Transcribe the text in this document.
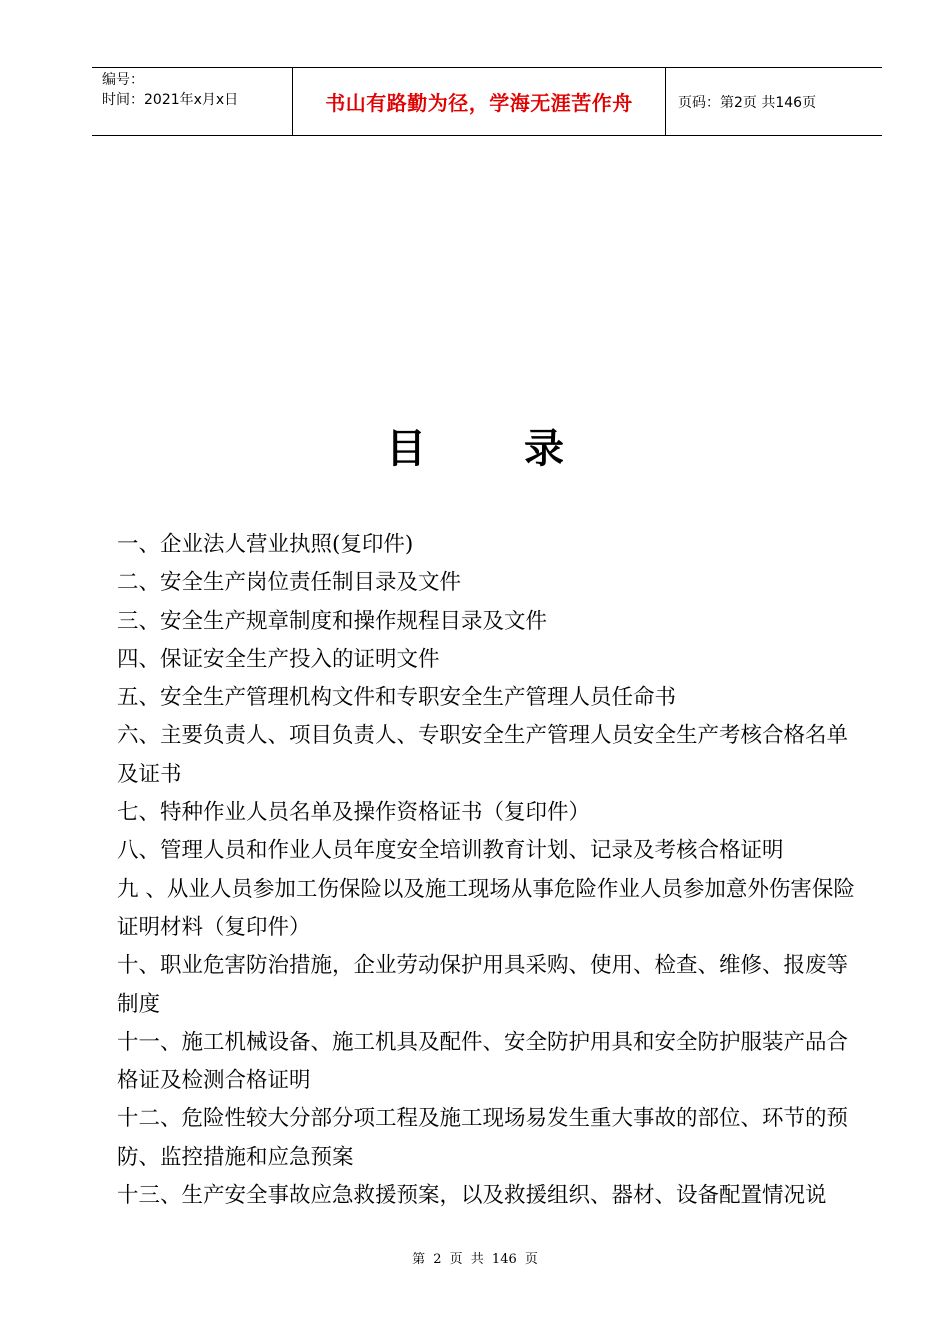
编号：
时间：2021年x月x日	书山有路勤为径，学海无涯苦作舟	页码：第2页 共146页
目录

一、企业法人营业执照(复印件)

二、安全生产岗位责任制目录及文件

三、安全生产规章制度和操作规程目录及文件

四、保证安全生产投入的证明文件

五、安全生产管理机构文件和专职安全生产管理人员任命书

六、主要负责人、项目负责人、专职安全生产管理人员安全生产考核合格名单及证书

七、特种作业人员名单及操作资格证书（复印件）

八、管理人员和作业人员年度安全培训教育计划、记录及考核合格证明

九 、从业人员参加工伤保险以及施工现场从事危险作业人员参加意外伤害保险证明材料（复印件）

十、职业危害防治措施，企业劳动保护用具采购、使用、检查、维修、报废等制度

十一、施工机械设备、施工机具及配件、安全防护用具和安全防护服装产品合格证及检测合格证明

十二、危险性较大分部分项工程及施工现场易发生重大事故的部位、环节的预防、监控措施和应急预案

十三、生产安全事故应急救援预案，以及救援组织、器材、设备配置情况说

第 2 页 共 146 页
